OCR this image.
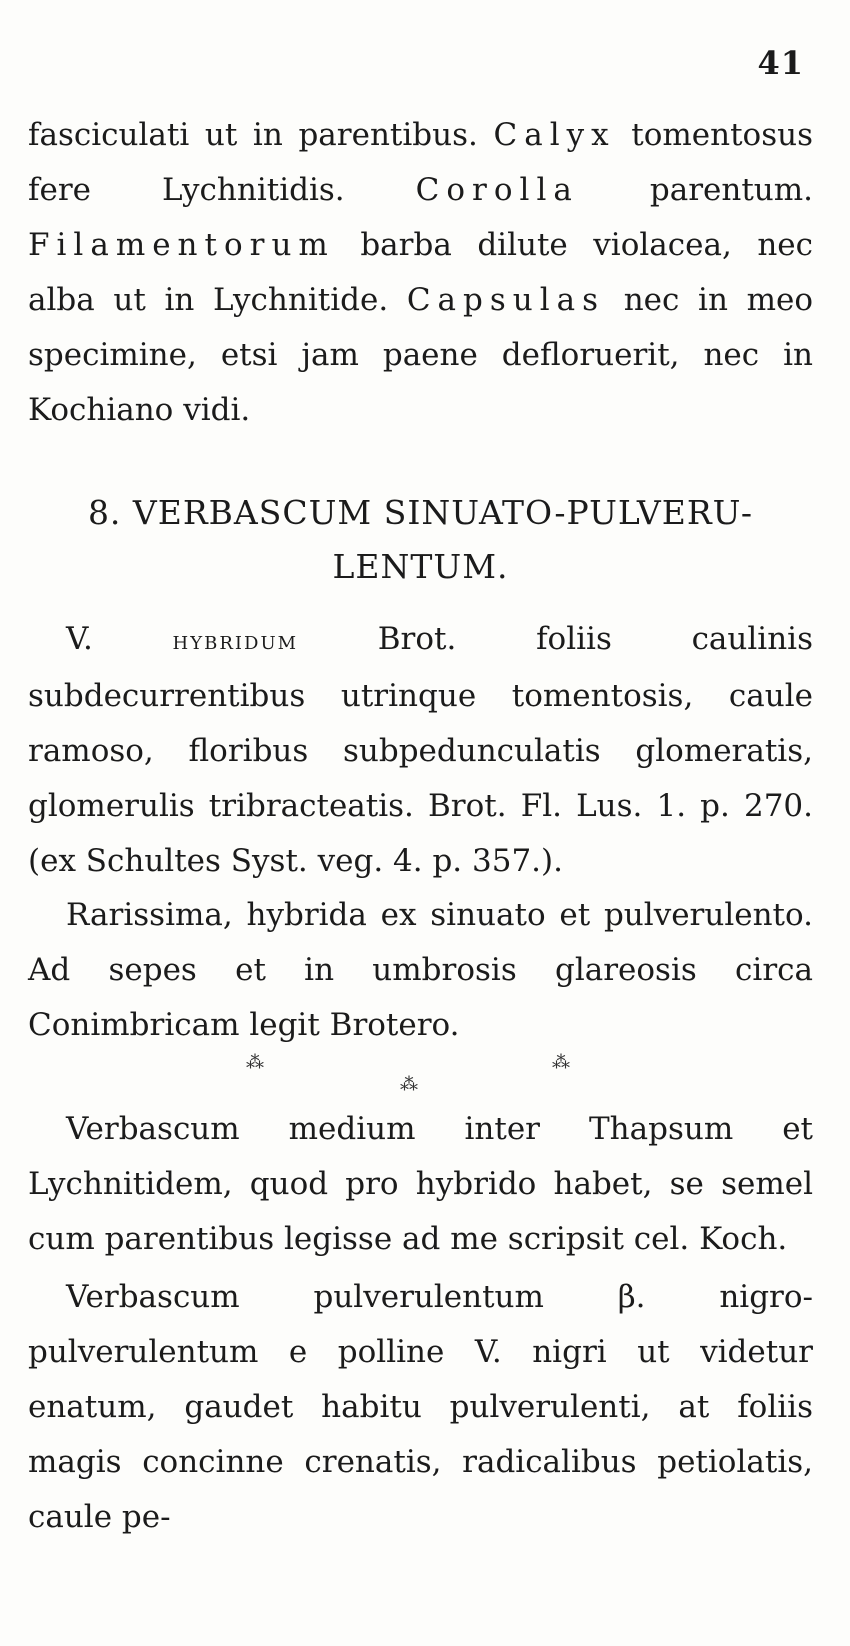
41

fasciculati ut in parentibus. Calyx tomentosus fere Lychnitidis. Corolla parentum. Filamentorum barba dilute violacea, nec alba ut in Lychnitide. Capsulas nec in meo specimine, etsi jam paene defloruerit, nec in Kochiano vidi.

8. VERBASCUM SINUATO-PULVERU-
LENTUM.

V. hybridum Brot. foliis caulinis subdecurrentibus utrinque tomentosis, caule ramoso, floribus subpedunculatis glomeratis, glomerulis tribracteatis. Brot. Fl. Lus. 1. p. 270. (ex Schultes Syst. veg. 4. p. 357.).

Rarissima, hybrida ex sinuato et pulverulento. Ad sepes et in umbrosis glareosis circa Conimbricam legit Brotero.

⁂	⁂
⁂

Verbascum medium inter Thapsum et Lychnitidem, quod pro hybrido habet, se semel cum parentibus legisse ad me scripsit cel. Koch.

Verbascum pulverulentum β. nigro-pulverulentum e polline V. nigri ut videtur enatum, gaudet habitu pulverulenti, at foliis magis concinne crenatis, radicalibus petiolatis, caule pe-
